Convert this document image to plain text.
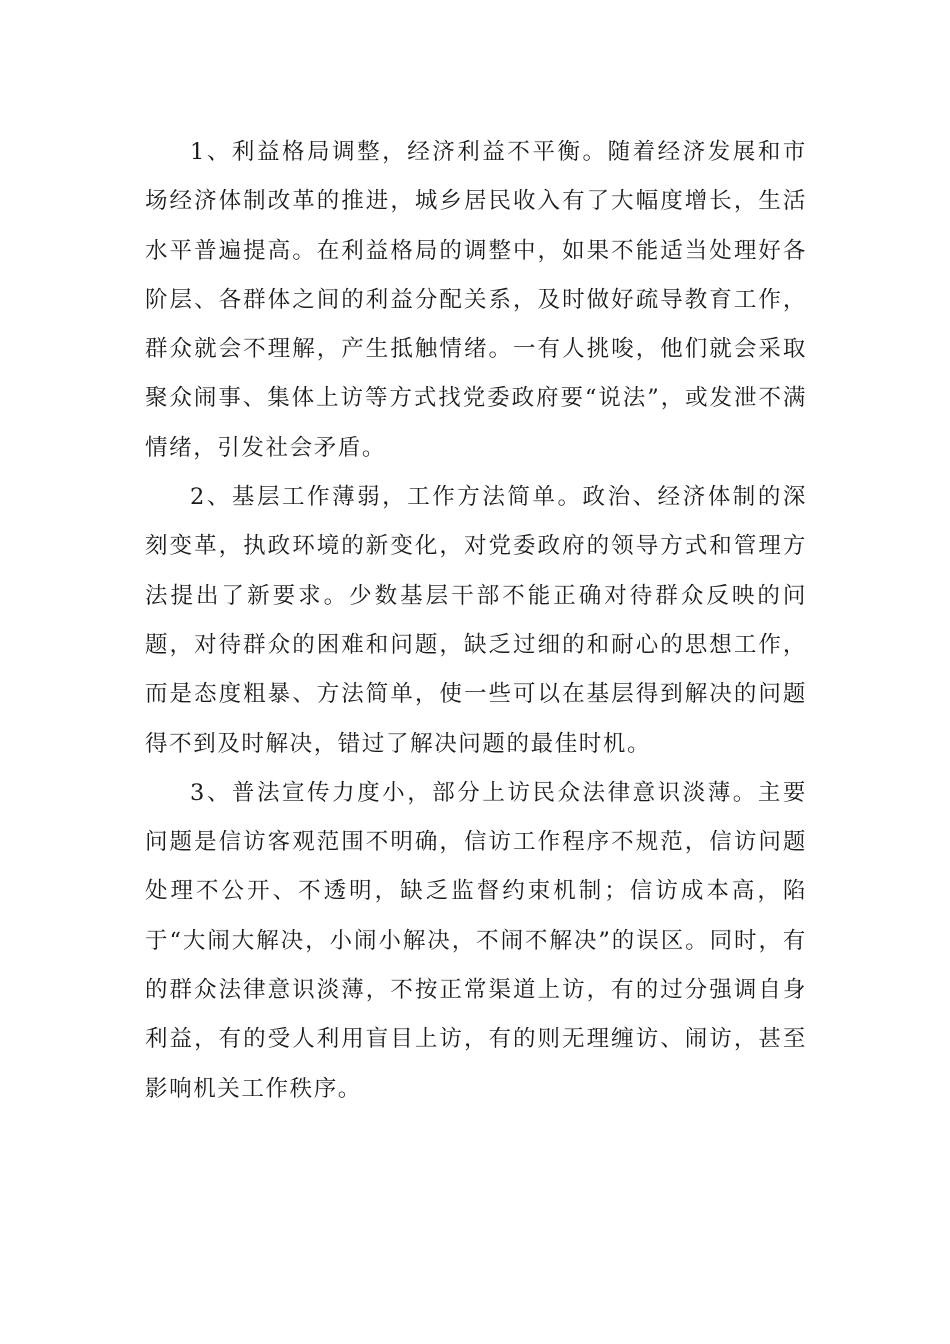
1、利益格局调整，经济利益不平衡。随着经济发展和市场经济体制改革的推进，城乡居民收入有了大幅度增长，生活水平普遍提高。在利益格局的调整中，如果不能适当处理好各阶层、各群体之间的利益分配关系，及时做好疏导教育工作，群众就会不理解，产生抵触情绪。一有人挑唆，他们就会采取聚众闹事、集体上访等方式找党委政府要“说法”，或发泄不满情绪，引发社会矛盾。

2、基层工作薄弱，工作方法简单。政治、经济体制的深刻变革，执政环境的新变化，对党委政府的领导方式和管理方法提出了新要求。少数基层干部不能正确对待群众反映的问题，对待群众的困难和问题，缺乏过细的和耐心的思想工作，而是态度粗暴、方法简单，使一些可以在基层得到解决的问题得不到及时解决，错过了解决问题的最佳时机。

3、普法宣传力度小，部分上访民众法律意识淡薄。主要问题是信访客观范围不明确，信访工作程序不规范，信访问题处理不公开、不透明，缺乏监督约束机制；信访成本高，陷于“大闹大解决，小闹小解决，不闹不解决”的误区。同时，有的群众法律意识淡薄，不按正常渠道上访，有的过分强调自身利益，有的受人利用盲目上访，有的则无理缠访、闹访，甚至影响机关工作秩序。
